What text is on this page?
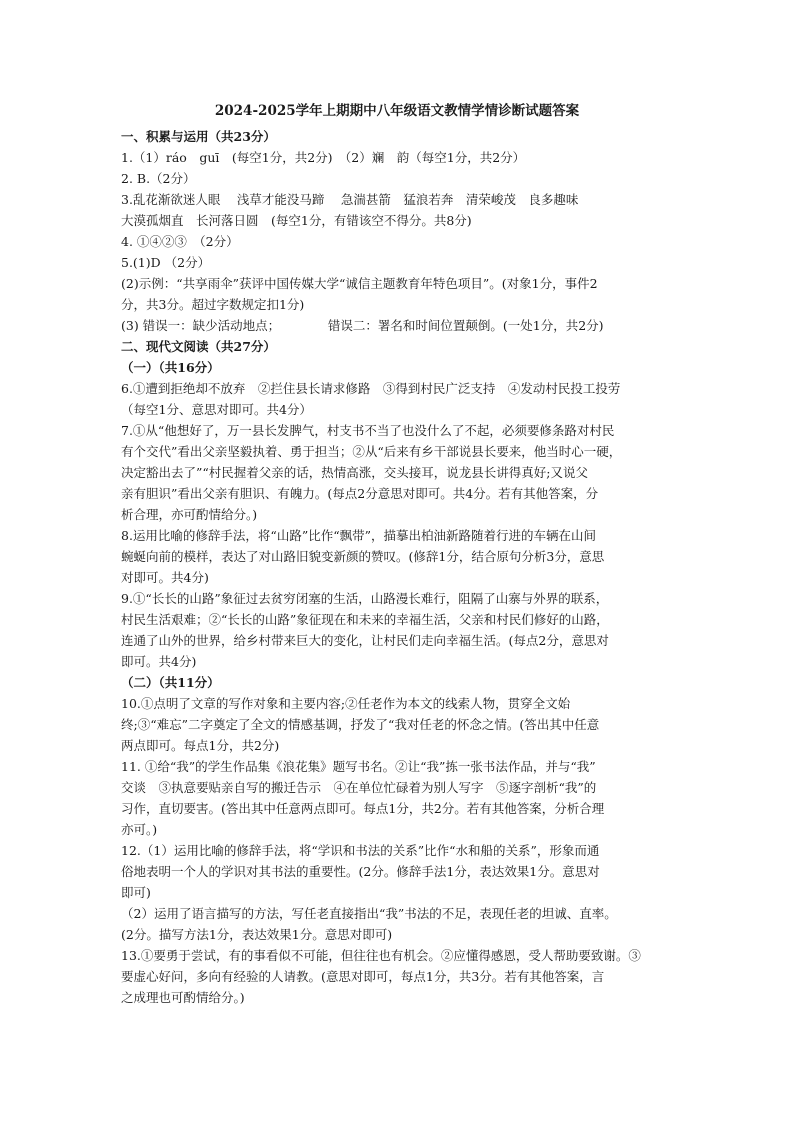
2024-2025学年上期期中八年级语文教情学情诊断试题答案
一、积累与运用（共23分）
1.（1）ráo　guī　(每空1分，共2分)　（2）斓　韵（每空1分，共2分）
2. B.（2分）
3.乱花渐欲迷人眼　 浅草才能没马蹄　 急湍甚箭　猛浪若奔　清荣峻茂　良多趣味
大漠孤烟直　长河落日圆　(每空1分，有错该空不得分。共8分)
4. ①④②③　（2分）
5.(1)D （2分）
(2)示例：“共享雨伞”获评中国传媒大学“诚信主题教育年特色项目”。(对象1分，事件2
分，共3分。超过字数规定扣1分)
(3) 错误一：缺少活动地点；　　　　 错误二：署名和时间位置颠倒。(一处1分，共2分)
二、现代文阅读（共27分）
（一）（共16分）
6.①遭到拒绝却不放弃　②拦住县长请求修路　③得到村民广泛支持　④发动村民投工投劳
（每空1分、意思对即可。共4分）
7.①从“他想好了，万一县长发脾气，村支书不当了也没什么了不起，必须要修条路对村民
有个交代”看出父亲坚毅执着、勇于担当；②从“后来有乡干部说县长要来，他当时心一硬，
决定豁出去了”“村民握着父亲的话，热情高涨，交头接耳，说龙县长讲得真好;又说父
亲有胆识”看出父亲有胆识、有魄力。(每点2分意思对即可。共4分。若有其他答案，分
析合理，亦可酌情给分。)
8.运用比喻的修辞手法，将“山路”比作“飘带”，描摹出柏油新路随着行进的车辆在山间
蜿蜒向前的模样，表达了对山路旧貌变新颜的赞叹。(修辞1分，结合原句分析3分，意思
对即可。共4分)
9.①“长长的山路”象征过去贫穷闭塞的生活，山路漫长难行，阻隔了山寨与外界的联系，
村民生活艰难；②“长长的山路”象征现在和未来的幸福生活，父亲和村民们修好的山路，
连通了山外的世界，给乡村带来巨大的变化，让村民们走向幸福生活。(每点2分，意思对
即可。共4分)
（二）（共11分）
10.①点明了文章的写作对象和主要内容;②任老作为本文的线索人物，贯穿全文始
终;③“难忘”二字奠定了全文的情感基调，抒发了“我对任老的怀念之情。(答出其中任意
两点即可。每点1分，共2分)
11. ①给“我”的学生作品集《浪花集》题写书名。②让“我”拣一张书法作品，并与“我”
交谈　③执意要贴亲自写的搬迁告示　④在单位忙碌着为别人写字　⑤逐字剖析“我”的
习作，直切要害。(答出其中任意两点即可。每点1分，共2分。若有其他答案，分析合理
亦可。)
12.（1）运用比喻的修辞手法，将“学识和书法的关系”比作“水和船的关系”，形象而通
俗地表明一个人的学识对其书法的重要性。(2分。修辞手法1分，表达效果1分。意思对
即可)
（2）运用了语言描写的方法，写任老直接指出“我”书法的不足，表现任老的坦诚、直率。
(2分。描写方法1分，表达效果1分。意思对即可)
13.①要勇于尝试，有的事看似不可能，但往往也有机会。②应懂得感恩，受人帮助要致谢。③
要虚心好问，多向有经验的人请教。(意思对即可，每点1分，共3分。若有其他答案，言
之成理也可酌情给分。)
